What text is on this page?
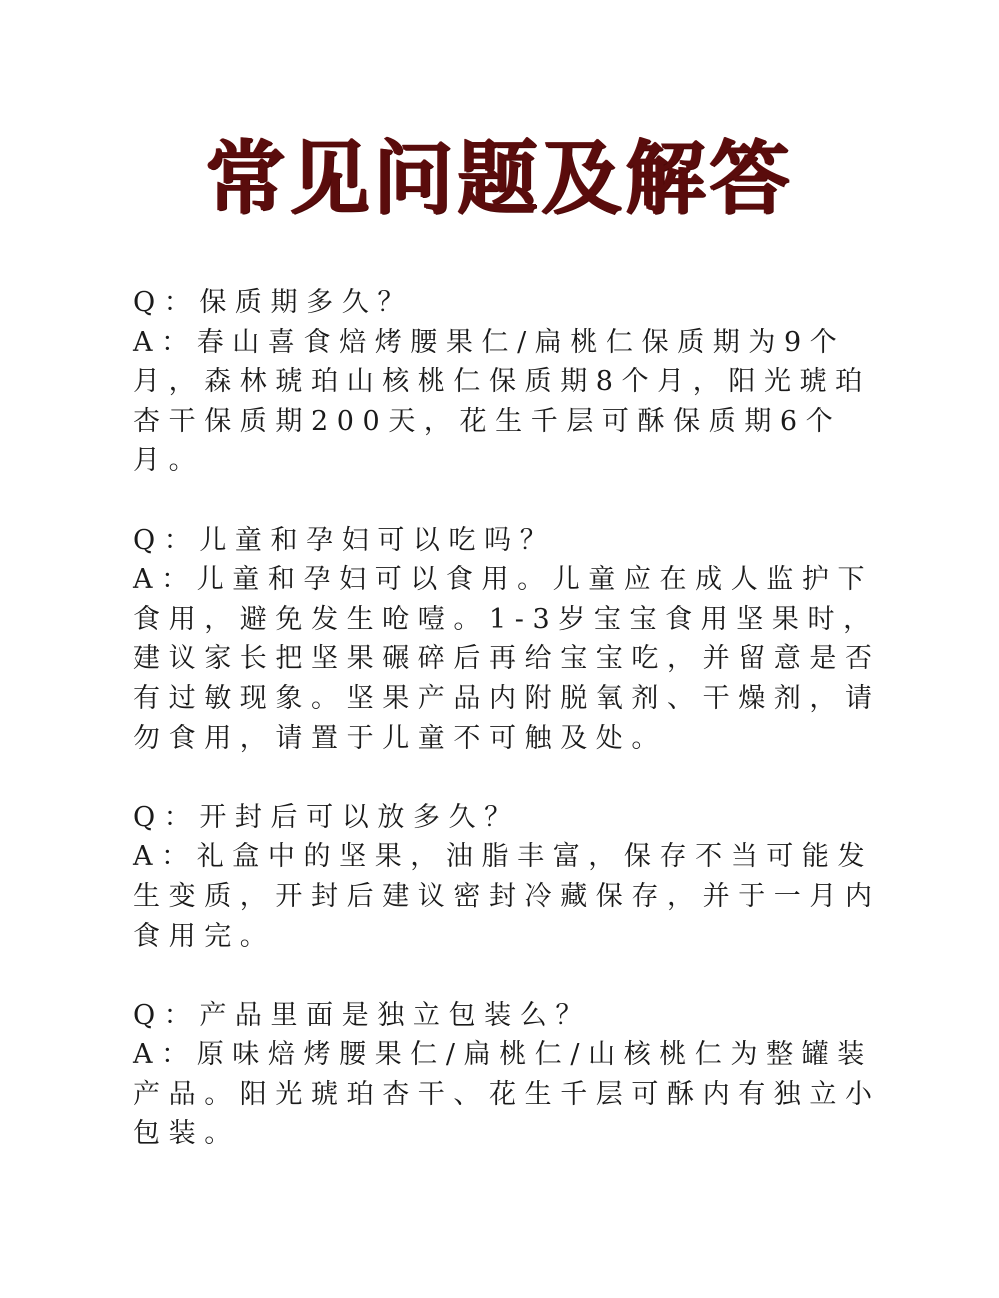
常见问题及解答
Q：保质期多久？
A：春山喜食焙烤腰果仁/扁桃仁保质期为9个月，森林琥珀山核桃仁保质期8个月，阳光琥珀杏干保质期200天，花生千层可酥保质期6个月。
Q：儿童和孕妇可以吃吗？
A：儿童和孕妇可以食用。儿童应在成人监护下食用，避免发生呛噎。1-3岁宝宝食用坚果时，建议家长把坚果碾碎后再给宝宝吃，并留意是否有过敏现象。坚果产品内附脱氧剂、干燥剂，请勿食用，请置于儿童不可触及处。
Q：开封后可以放多久？
A：礼盒中的坚果，油脂丰富，保存不当可能发生变质，开封后建议密封冷藏保存，并于一月内食用完。
Q：产品里面是独立包装么？
A：原味焙烤腰果仁/扁桃仁/山核桃仁为整罐装产品。阳光琥珀杏干、花生千层可酥内有独立小包装。
